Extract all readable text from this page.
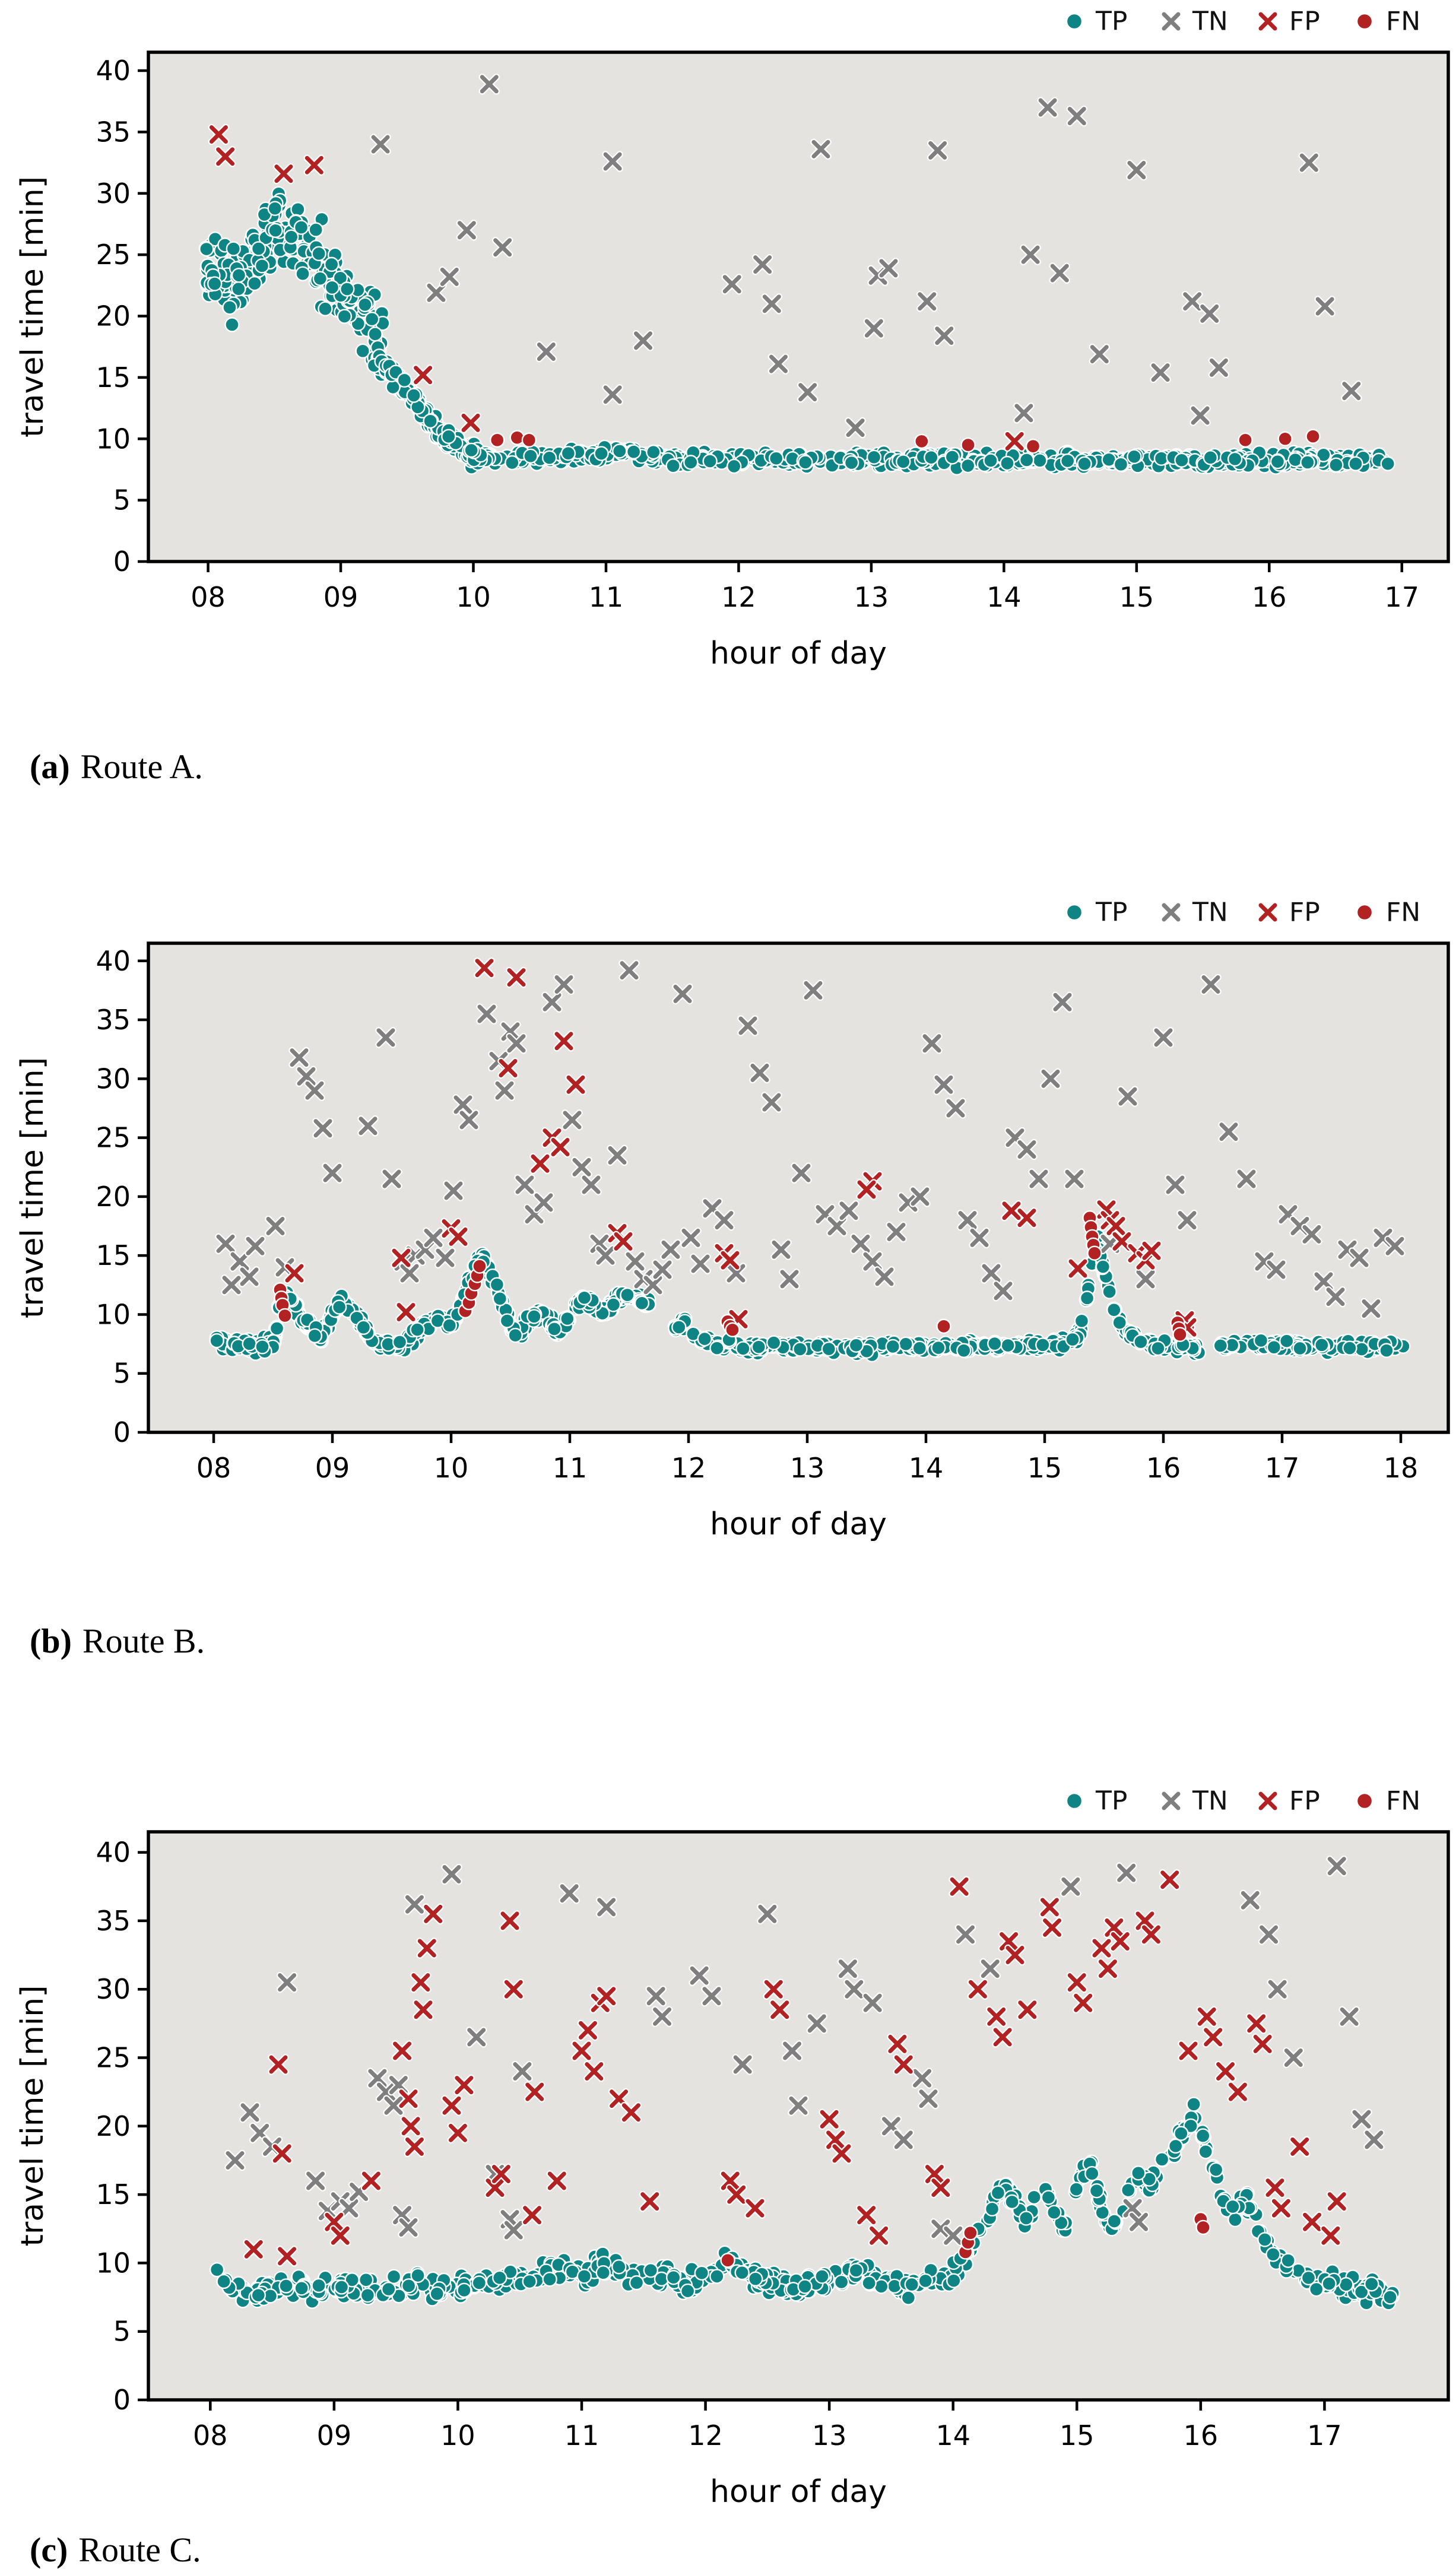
0
5
10
15
20
25
30
35
40
08	09	10	11	12	13	14	15	16	17
hour of day
travel time [min]
TP TN FP	FN
0
5
10
15
20
25
30
35
40
08	09	10	11	12	13	14	15	16	17	18
hour of day
travel time [min]
TP TN FP	FN
0
5
10
15
20
25
30
35
40
08	09	10	11	12	13	14	15	16	17
hour of day
travel time [min]
TP TN FP	FN
(a) Route A.
(b) Route B.
(c) Route C.
